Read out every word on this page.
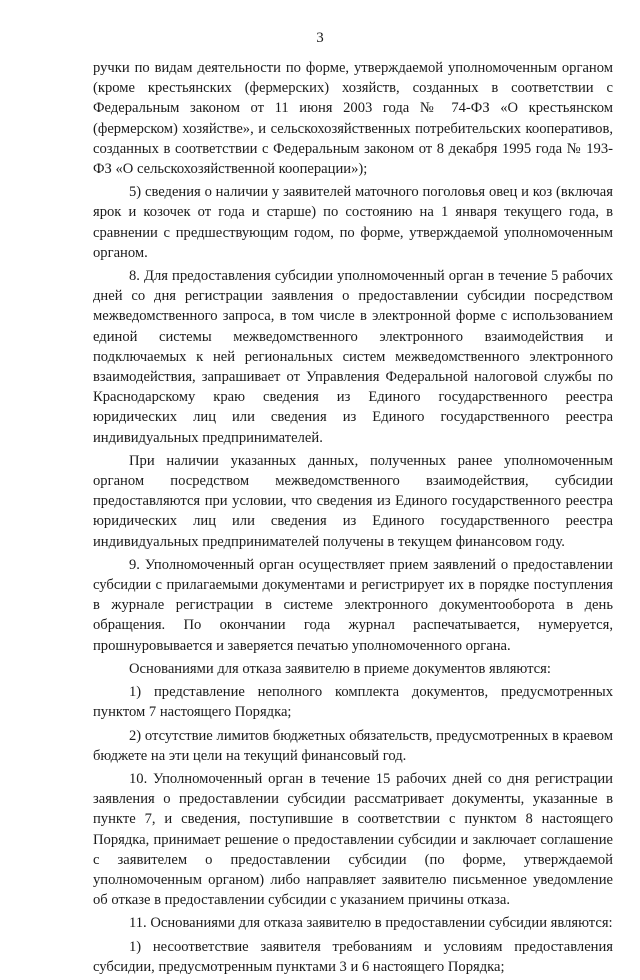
3

ручки по видам деятельности по форме, утверждаемой уполномоченным органом (кроме крестьянских (фермерских) хозяйств, созданных в соответствии с Федеральным законом от 11 июня 2003 года № 74-ФЗ «О крестьянском (фермерском) хозяйстве», и сельскохозяйственных потребительских кооперативов, созданных в соответствии с Федеральным законом от 8 декабря 1995 года № 193-ФЗ «О сельскохозяйственной кооперации»);

5) сведения о наличии у заявителей маточного поголовья овец и коз (включая ярок и козочек от года и старше) по состоянию на 1 января текущего года, в сравнении с предшествующим годом, по форме, утверждаемой уполномоченным органом.

8. Для предоставления субсидии уполномоченный орган в течение 5 рабочих дней со дня регистрации заявления о предоставлении субсидии посредством межведомственного запроса, в том числе в электронной форме с использованием единой системы межведомственного электронного взаимодействия и подключаемых к ней региональных систем межведомственного электронного взаимодействия, запрашивает от Управления Федеральной налоговой службы по Краснодарскому краю сведения из Единого государственного реестра юридических лиц или сведения из Единого государственного реестра индивидуальных предпринимателей.

При наличии указанных данных, полученных ранее уполномоченным органом посредством межведомственного взаимодействия, субсидии предоставляются при условии, что сведения из Единого государственного реестра юридических лиц или сведения из Единого государственного реестра индивидуальных предпринимателей получены в текущем финансовом году.

9. Уполномоченный орган осуществляет прием заявлений о предоставлении субсидии с прилагаемыми документами и регистрирует их в порядке поступления в журнале регистрации в системе электронного документооборота в день обращения. По окончании года журнал распечатывается, нумеруется, прошнуровывается и заверяется печатью уполномоченного органа.

Основаниями для отказа заявителю в приеме документов являются:

1) представление неполного комплекта документов, предусмотренных пунктом 7 настоящего Порядка;

2) отсутствие лимитов бюджетных обязательств, предусмотренных в краевом бюджете на эти цели на текущий финансовый год.

10. Уполномоченный орган в течение 15 рабочих дней со дня регистрации заявления о предоставлении субсидии рассматривает документы, указанные в пункте 7, и сведения, поступившие в соответствии с пунктом 8 настоящего Порядка, принимает решение о предоставлении субсидии и заключает соглашение с заявителем о предоставлении субсидии (по форме, утверждаемой уполномоченным органом) либо направляет заявителю письменное уведомление об отказе в предоставлении субсидии с указанием причины отказа.

11. Основаниями для отказа заявителю в предоставлении субсидии являются:

1) несоответствие заявителя требованиям и условиям предоставления субсидии, предусмотренным пунктами 3 и 6 настоящего Порядка;
